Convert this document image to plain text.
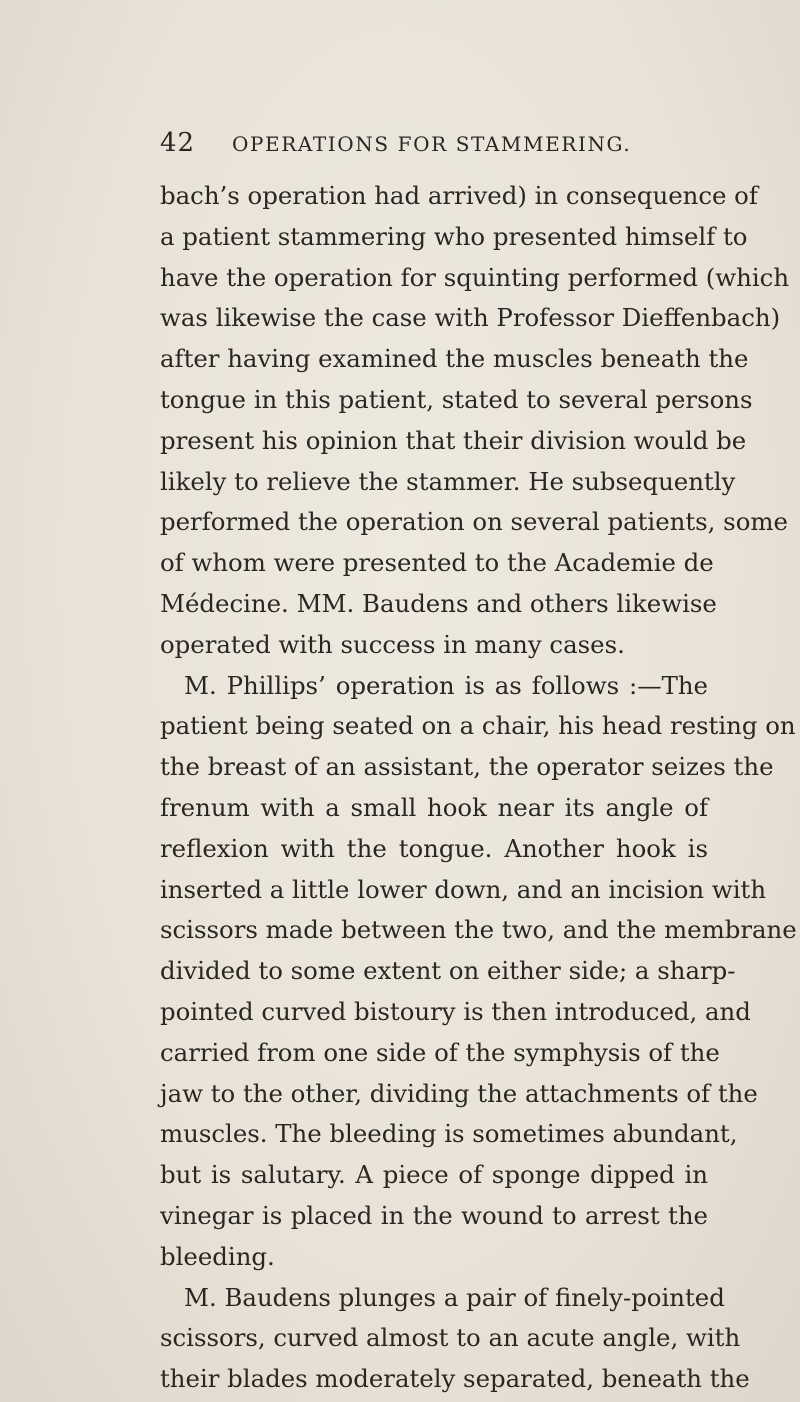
42 OPERATIONS FOR STAMMERING.
bach’s operation had arrived) in consequence of
a patient stammering who presented himself to
have the operation for squinting performed (which
was likewise the case with Professor Dieffenbach)
after having examined the muscles beneath the
tongue in this patient, stated to several persons
present his opinion that their division would be
likely to relieve the stammer. He subsequently
performed the operation on several patients, some
of whom were presented to the Academie de
Médecine. MM. Baudens and others likewise
operated with success in many cases.
M. Phillips’ operation is as follows :—The
patient being seated on a chair, his head resting on
the breast of an assistant, the operator seizes the
frenum with a small hook near its angle of
reflexion with the tongue. Another hook is
inserted a little lower down, and an incision with
scissors made between the two, and the membrane
divided to some extent on either side; a sharp-
pointed curved bistoury is then introduced, and
carried from one side of the symphysis of the
jaw to the other, dividing the attachments of the
muscles. The bleeding is sometimes abundant,
but is salutary. A piece of sponge dipped in
vinegar is placed in the wound to arrest the
bleeding.
M. Baudens plunges a pair of finely-pointed
scissors, curved almost to an acute angle, with
their blades moderately separated, beneath the
